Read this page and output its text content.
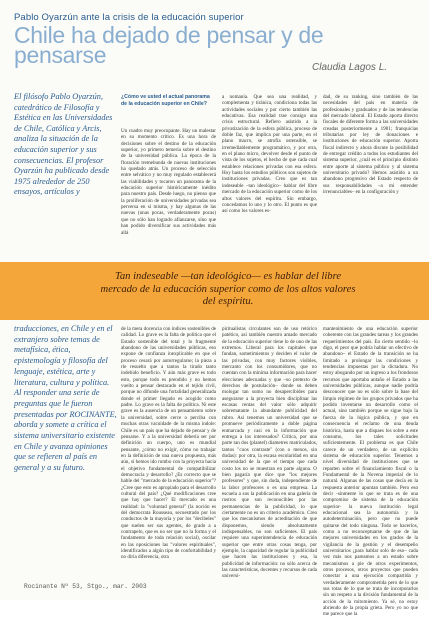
Pablo Oyarzún ante la crisis de la educación superior
Chile ha dejado de pensar y de pensarse	Claudia Lagos L.

El filósofo Pablo Oyarzún, catedrático de Filosofía y Estética en las Universidades de Chile, Católica y Arcis, analiza la situación de la educación superior y sus consecuencias. El profesor Oyarzún ha publicado desde 1975 alrededor de 250 ensayos, artículos y

¿Cómo ve usted el actual panorama de la educación superior en Chile?
Un cuadro muy preocupante. Hay un malestar en su momento crítico. Es una hora de decisiones sobre el destino de la educación superior, yo primero temería sobre el destino de la universidad pública. La época de la floración tremebunda de nuevas instituciones ha quedado atrás. Un proceso de selección entre selvático y no muy regulado establecerá las viabilidades y tocaron un panorama de la educación superior históricamente inédito para nuestro país. Desde luego, no pienso que la proliferación de universidades privadas sea perversa en sí misma, y hay algunas de las nuevas (unas pocas, verdaderamente pocas) que no sólo han logrado afianzarse, sino que han podido diversificar sus actividades más allá
a nomanía. Que sea una realidad, y complementa y tiránica, condiciona todas las actividades sociales y por cierto también las educativas. Esa realidad trae consigo una crisis estructural. Refiero asistido a la privatización de la esfera pública, proceso de doble faz, que implica por una parte, en el plano macro, se atrofia ostensible, se irremediablemente programático, y por otra, en el plano micro, devolver desde el punto de vista de los sujetos, el hecho de que cada cual establece relaciones privadas con esa esfera. Hoy hasta los estudios públicos son sujetos de instituciones privadas. Creo que es tan indeseable –tan ideológico– hablar del libre mercado de la educación superior como de los altos valores del espíritu. Sin embargo, concedamos lo uno y lo otro. El punto es que así como los valores es-
dad, de su ranking, sino también de las necesidades del país en materia de profesionales y graduados y de las tendencias del mercado laboral. El Estado aporta directo fiscales de diferente forma a las universidades creadas posteriormente a 1981; franquicias tributarias por ley de donaciones e instituciones de educación superior. Aporta fiscal indirecto y ahora discute la posibilidad de entregar crédito a todos los estudiantes del sistema superior, ¿cuál es el principio distinto entre aporte al sistema público y al sistema universitario privado? Hemos asistido a un abandono progresivo del Estado respecto de sus responsabilidades –a mi entender irrenunciables– en la configuración y
Tan indeseable —tan ideológico— es hablar del libre mercado de la educación superior como de los altos valores del espíritu.
traducciones, en Chile y en el extranjero sobre temas de metafísica, ética, epistemología y filosofía del lenguaje, estética, arte y literatura, cultura y política. Al responder una serie de preguntas que le fueron presentadas por ROCINANTE, aborda y somete a crítica el sistema universitario existente en Chile y avanza opiniones que se refieren al país en general y a su futuro.
de la mera docencia con índices sostenibles de calidad. Lo grave es la falta de política que el Estado sostenible del total y lo fragmenté abandono de las universidades públicas, eso expone de confianza inexplicable en que el proceso cesará por autorregularse; la pieza a rle resuelto que a tantos la tirado tanto indebido beneficio. Y aún más grave es todo esto, porque todo es prendido y no hemos vuelto a pensar destacado en el tejido civil, porque no difunde una fortalidad generalizada donde el primer llegado es acogido como padre. Lo grave es la falta de política. Ni este grave es la ausencia de un pensamiento sobre la universidad, sobre cerce o perciba con muchas otras vacuidade de la misma índole: Chile es un país que ha dejado de pensar y de pensarse. Y a la universidad debería ser por definición un cuerpo, uno es mundial pensante, ¿cómo no exigir, cómo no trabajar en la definición de una nueva propuesta, más aún, si hemos ido rumbo con la proyecta hacia el objetivo fundamental de compatibilizar democracia y desarrollo? ¿Es correcto que se hable del "mercado de la educación superior"? ¿Cree que esto es apropiado para el desarrollo cultural del país? ¿Qué modificaciones cree que hay que hacer? El mercado es una realidad: la "voluntad general" (la noción es del democrata Rousseau, secuestrado por los conductos de la mayoría y por los "decibeles" que suelen ser sus agentes, de grado a a contrapelo, que es no ser que no la forma y el fundamento de toda relación social), oscilar en las oposiciones las "valores espirituales", identificados a algún tipo de confortabilidad y no diría diferencia, otra
piritualistas circulantes son de uso retórico patético, así también nuestro amado mercado de la educación superior tiene lo de uno de las extremos. Liberal para los capitales que fundan, sometimientos y deciden el valor de las privadas, con muy factores visibles, mercanto con los consumidores, que no cuentan con la mínima información para hacer elecciones adecuadas y que –so pretexto de derechos de postulación– donde su deben mologar tan sumo no desapercibides para asegurarse a la proyecta bien disciplinar las escasas rentas del valor sólo adquirir sobrematante la abundante publicidad del rubro. Así tenemos un universidad que se promueve periódicamente a doble página enmarcada y casi en la información que entrega a los interesados? Crítica, por una parte tan dos (plantel) diametres matriculados, tantos "cuos contraste" (con o menos, sin dudas): por otra, la escasa escolaridad en una universidad de la que el tiempo que cada costo los no se muestran en parte alguna. O bien pagaría que dice que "los mejores profesores" y que, sin duda, independiente de la labor profesores o es una empresa. La escuela a sus la publicación en una galería de rostros que son reconocibles por las permanencias de la publicidad, lo que ciertamente no es un criterio académico. Creo que los mecanismos de acreditación de que disponemos, siendo absolutamente indispensables, no son suficientes. El país requiere una superintendencia de educación superior que entre otras cosas tenga, por ejemplo, la capacidad de regular la publicidad que hacen las instituciones y esa, la publicidad de información: no sólo acerca de las características, docentes y recursos de cada universi-
mantenimiento de una educación superior coherente con las grandes tareas y los grandes requerimientos del país. En cierto sentido –lo digo, el peor que podría hablar un efectivo de abandono– el Estado de la transición se ha limitado a prolongar las condiciones y tendencias impuestas por la dictadura. No estoy abogando por un ingreso a los frondosos recursos que aportaba antaño el Estado a las universidades públicas, aunque nadie podría desconocer que no es sólo sobre la base del limpio régimen de los grupos privados que ha podido inventarse un desarrollo como el actual, sino también porque se sigue bajo la fuerza de la lógica pública, y que en consecuencia el reclamo de una deuda histórica, hasta que a dispaes los sobre a este consumo, los tales solicitudes suficientemente. El problema es que Chile carece de un verdadero, de un explícito sistema de educación superior. Tenemos a nivel diversidad de instituciones que se reparten sobre el financiamiento fiscal o la Fundamental de la Novena imperial de lo natural. Algunas de las cosas que decía en la respuesta anterior apuntan también. Pero eso decir -sinmente lo que se trata es de una compromiso de sistema de la educación superior- la nueva institución legal educacional sea la autonomía y la autodeterminación, pero que no puede quitarse del todo ninguna. Todo se hacerlos, como a no reconceptuarse de que de las mejores universidades en los grados de la vigilancia de la gestión y el desempeño universitarios ¿para hablar solo de eso– cada vez más nos pareamos a un estado sobre mecanismos a pie de otros experimentos, otros procesos, otros proyectos que pueden conectar a una ejecución compartida y verdaderamente comprometida pero de lo que sus rotas de lo que se trata de incorporarlos sin un respeto a la división fundamental de la acción de la mitomiento. Ya sé, no estoy abriendo de la propia grieta. Pero yo no que me parece que la
Rocinante Nº 53, Stgo., mar. 2003
